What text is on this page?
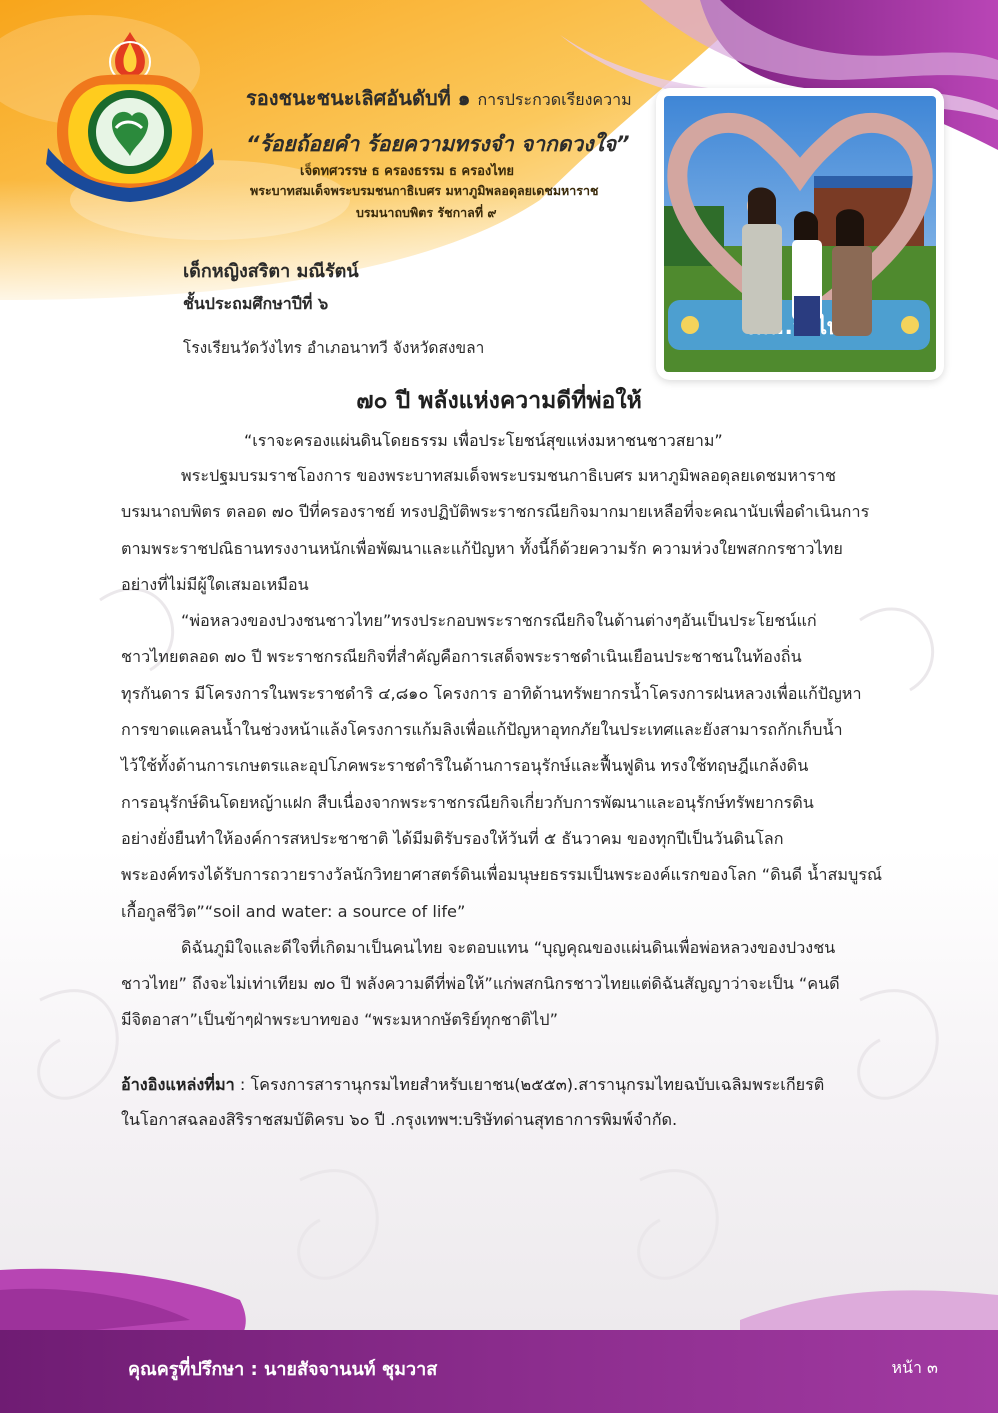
รองชนะชนะเลิศอันดับที่ ๑ การประกวดเรียงความ
“ร้อยถ้อยคำ ร้อยความทรงจำ จากดวงใจ”
เจ็ดทศวรรษ ธ ครองธรรม ธ ครองไทย
พระบาทสมเด็จพระบรมชนกาธิเบศร มหาภูมิพลอดุลยเดชมหาราช
บรมนาถบพิตร รัชกาลที่ ๙
เด็กหญิงสริตา มณีรัตน์
ชั้นประถมศึกษาปีที่ ๖
โรงเรียนวัดวังไทร อำเภอนาทวี จังหวัดสงขลา
๗๐ ปี พลังแห่งความดีที่พ่อให้
“เราจะครองแผ่นดินโดยธรรม เพื่อประโยชน์สุขแห่งมหาชนชาวสยาม”

พระปฐมบรมราชโองการ ของพระบาทสมเด็จพระบรมชนกาธิเบศร มหาภูมิพลอดุลยเดชมหาราช
บรมนาถบพิตร ตลอด ๗๐ ปีที่ครองราชย์ ทรงปฏิบัติพระราชกรณียกิจมากมายเหลือที่จะคณานับเพื่อดำเนินการ
ตามพระราชปณิธานทรงงานหนักเพื่อพัฒนาและแก้ปัญหา ทั้งนี้ก็ด้วยความรัก ความห่วงใยพสกกรชาวไทย
อย่างที่ไม่มีผู้ใดเสมอเหมือน

“พ่อหลวงของปวงชนชาวไทย”ทรงประกอบพระราชกรณียกิจในด้านต่างๆอันเป็นประโยชน์แก่
ชาวไทยตลอด ๗๐ ปี พระราชกรณียกิจที่สำคัญคือการเสด็จพระราชดำเนินเยือนประชาชนในท้องถิ่น
ทุรกันดาร มีโครงการในพระราชดำริ ๔,๘๑๐ โครงการ อาทิด้านทรัพยากรน้ำโครงการฝนหลวงเพื่อแก้ปัญหา
การขาดแคลนน้ำในช่วงหน้าแล้งโครงการแก้มลิงเพื่อแก้ปัญหาอุทกภัยในประเทศและยังสามารถกักเก็บน้ำ
ไว้ใช้ทั้งด้านการเกษตรและอุปโภคพระราชดำริในด้านการอนุรักษ์และฟื้นฟูดิน ทรงใช้ทฤษฎีแกล้งดิน
การอนุรักษ์ดินโดยหญ้าแฝก สืบเนื่องจากพระราชกรณียกิจเกี่ยวกับการพัฒนาและอนุรักษ์ทรัพยากรดิน
อย่างยั่งยืนทำให้องค์การสหประชาชาติ ได้มีมติรับรองให้วันที่ ๕ ธันวาคม ของทุกปีเป็นวันดินโลก
พระองค์ทรงได้รับการถวายรางวัลนักวิทยาศาสตร์ดินเพื่อมนุษยธรรมเป็นพระองค์แรกของโลก “ดินดี น้ำสมบูรณ์
เกื้อกูลชีวิต”“soil and water: a source of life”

ดิฉันภูมิใจและดีใจที่เกิดมาเป็นคนไทย จะตอบแทน “บุญคุณของแผ่นดินเพื่อพ่อหลวงของปวงชน
ชาวไทย” ถึงจะไม่เท่าเทียม ๗๐ ปี พลังความดีที่พ่อให้”แก่พสกนิกรชาวไทยแต่ดิฉันสัญญาว่าจะเป็น “คนดี
มีจิตอาสา”เป็นข้าๆฝ่าพระบาทของ “พระมหากษัตริย์ทุกชาติไป”

อ้างอิงแหล่งที่มา : โครงการสารานุกรมไทยสำหรับเยาชน(๒๕๕๓).สารานุกรมไทยฉบับเฉลิมพระเกียรติ
ในโอกาสฉลองสิริราชสมบัติครบ ๖๐ ปี .กรุงเทพฯ:บริษัทด่านสุทธาการพิมพ์จำกัด.
คุณครูที่ปรึกษา : นายสัจจานนท์ ชุมวาส	หน้า ๓
